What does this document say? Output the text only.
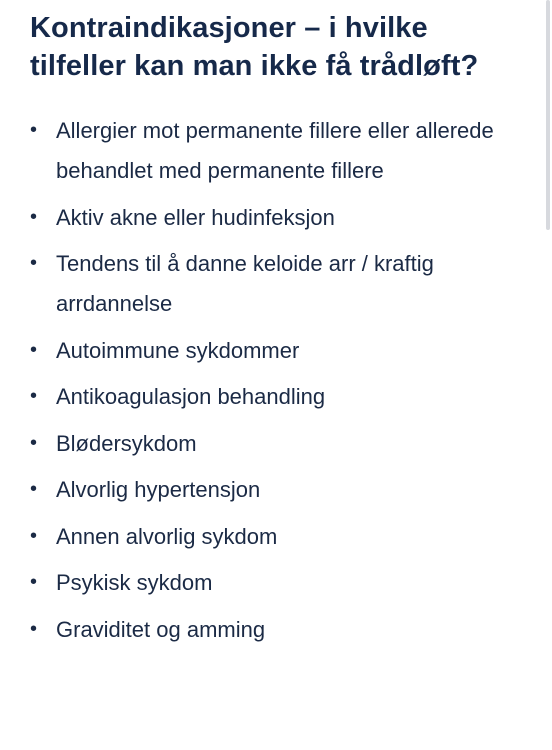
Kontraindikasjoner – i hvilke tilfeller kan man ikke få trådløft?
• Allergier mot permanente fillere eller allerede behandlet med permanente fillere
• Aktiv akne eller hudinfeksjon
• Tendens til å danne keloide arr / kraftig arrdannelse
• Autoimmune sykdommer
• Antikoagulasjon behandling
• Blødersykdom
• Alvorlig hypertensjon
• Annen alvorlig sykdom
• Psykisk sykdom
• Graviditet og amming
